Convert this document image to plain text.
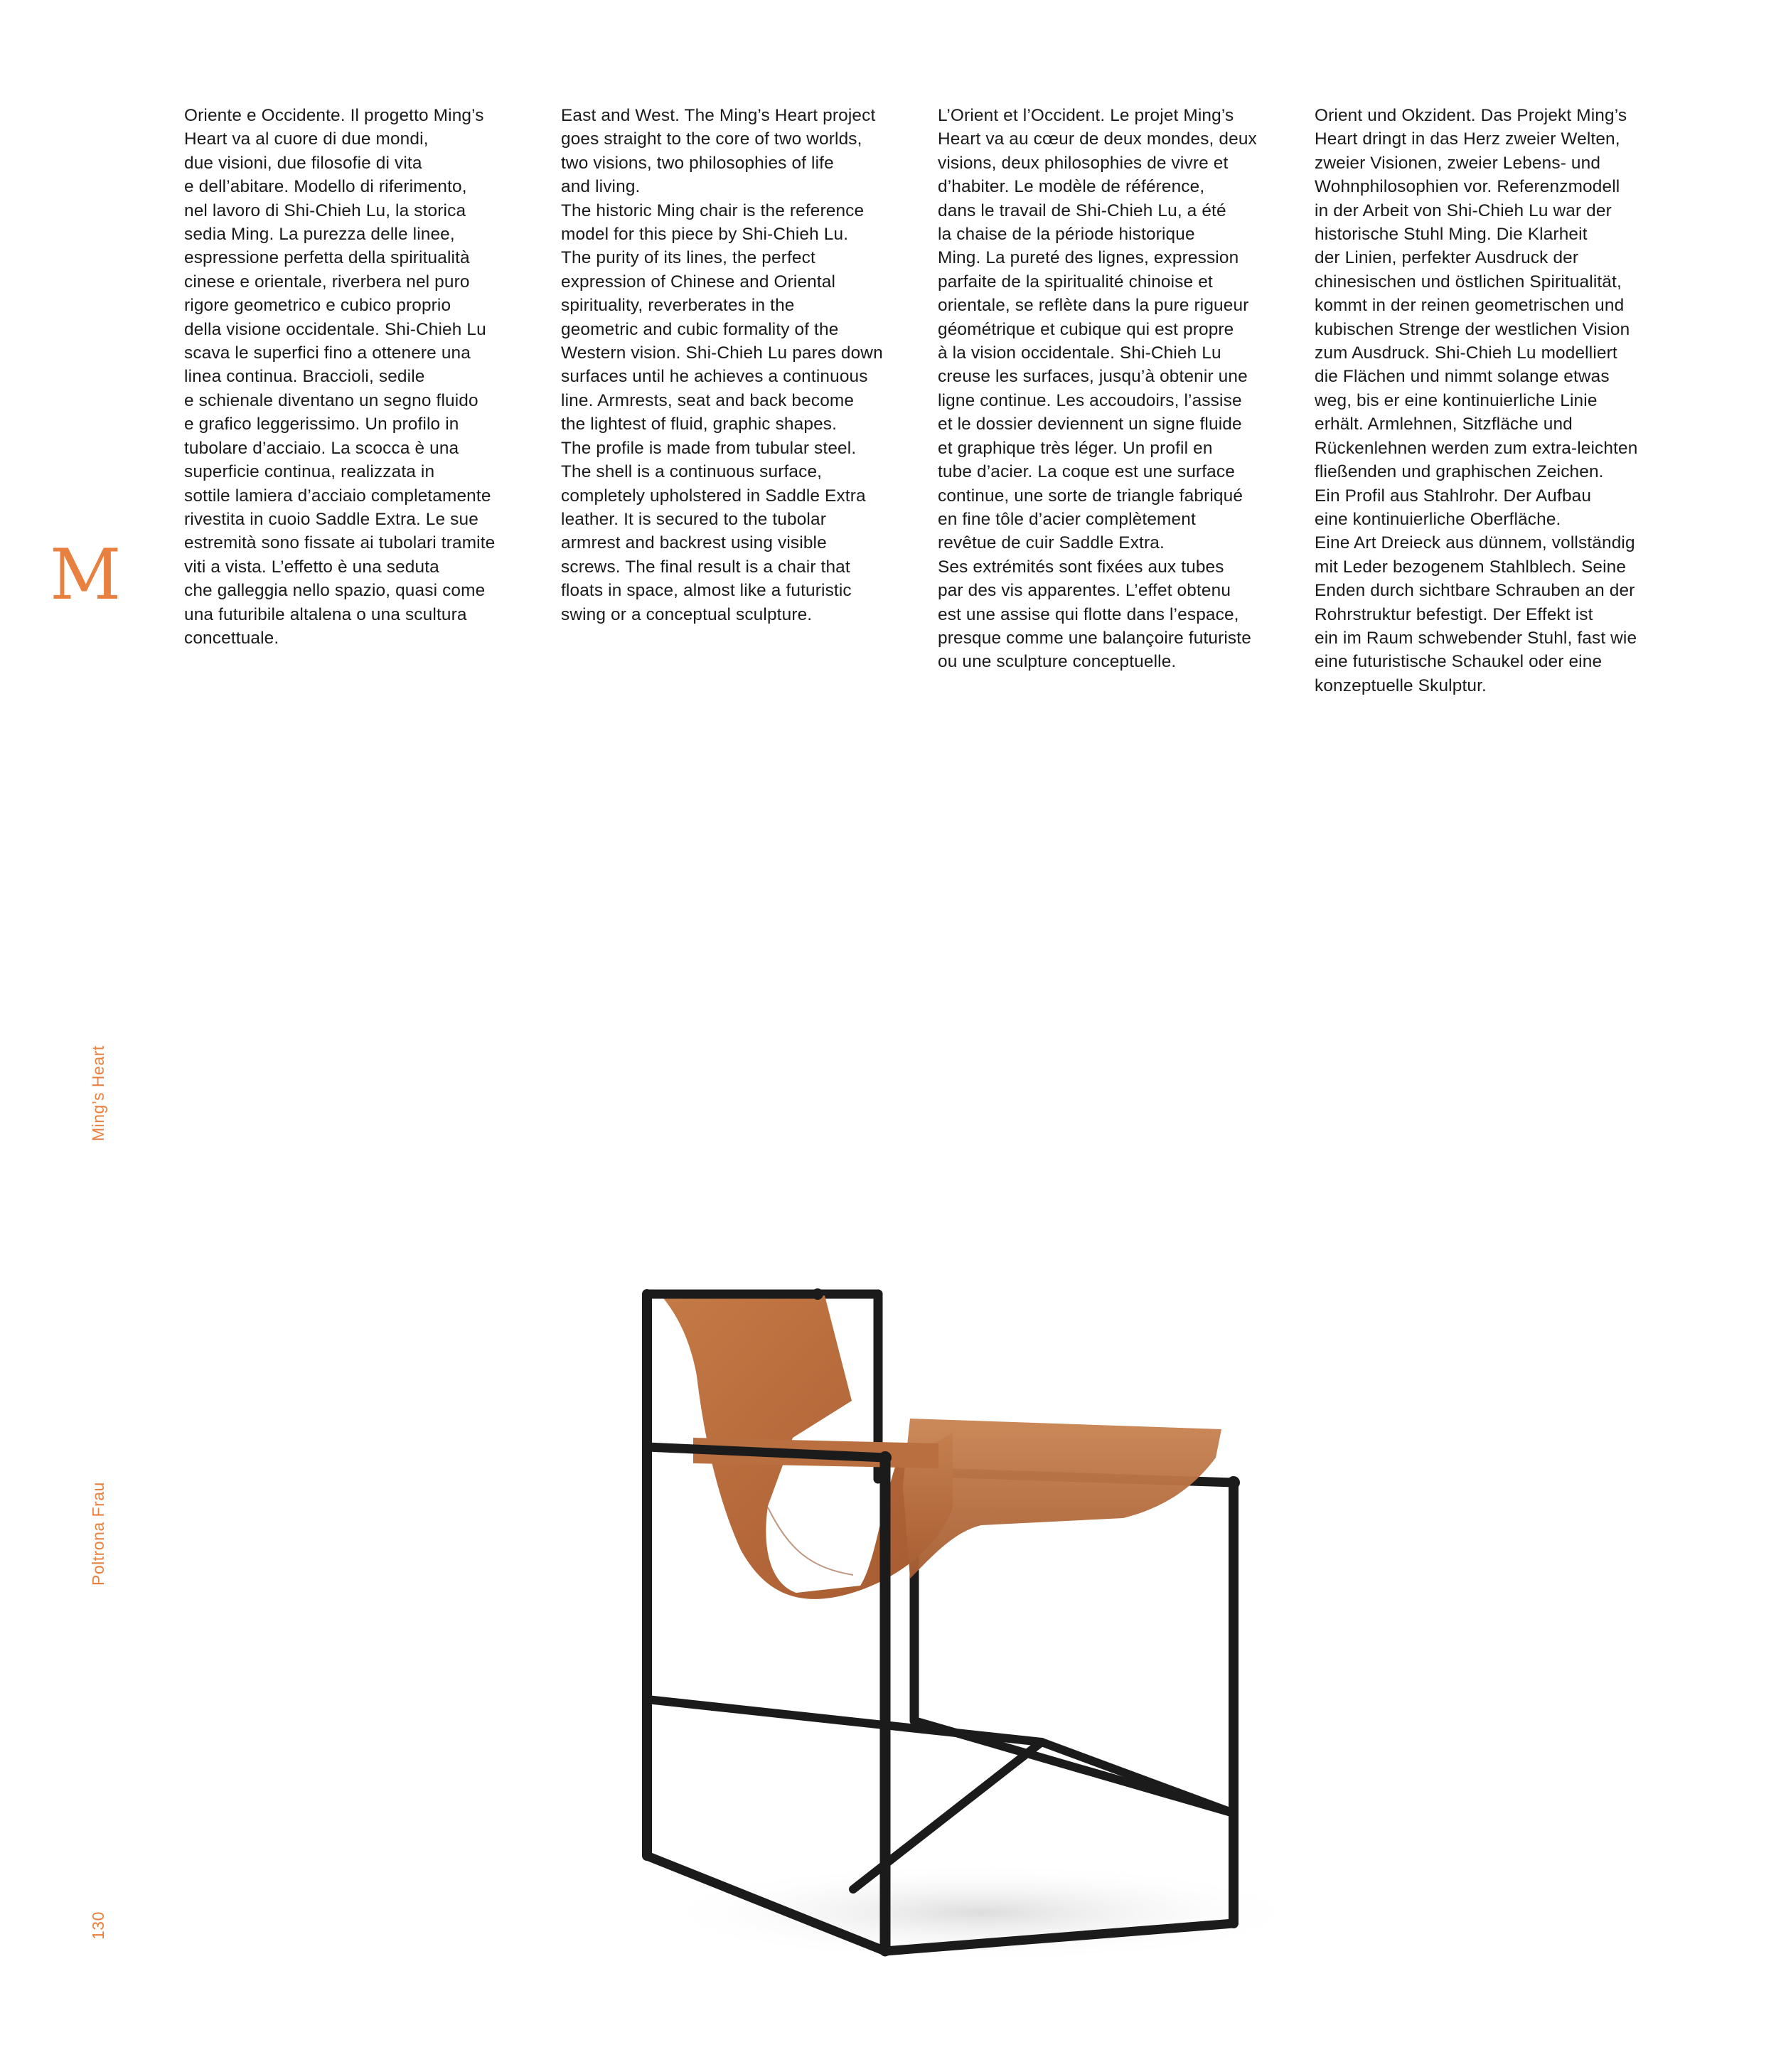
M
Ming’s Heart
Poltrona Frau
130
Oriente e Occidente. Il progetto Ming’s
Heart va al cuore di due mondi,
due visioni, due filosofie di vita
e dell’abitare. Modello di riferimento,
nel lavoro di Shi-Chieh Lu, la storica
sedia Ming. La purezza delle linee,
espressione perfetta della spiritualità
cinese e orientale, riverbera nel puro
rigore geometrico e cubico proprio
della visione occidentale. Shi-Chieh Lu
scava le superfici fino a ottenere una
linea continua. Braccioli, sedile
e schienale diventano un segno fluido
e grafico leggerissimo. Un profilo in
tubolare d’acciaio. La scocca è una
superficie continua, realizzata in
sottile lamiera d’acciaio completamente
rivestita in cuoio Saddle Extra. Le sue
estremità sono fissate ai tubolari tramite
viti a vista. L’effetto è una seduta
che galleggia nello spazio, quasi come
una futuribile altalena o una scultura
concettuale.
East and West. The Ming’s Heart project
goes straight to the core of two worlds,
two visions, two philosophies of life
and living.
The historic Ming chair is the reference
model for this piece by Shi-Chieh Lu.
The purity of its lines, the perfect
expression of Chinese and Oriental
spirituality, reverberates in the
geometric and cubic formality of the
Western vision. Shi-Chieh Lu pares down
surfaces until he achieves a continuous
line. Armrests, seat and back become
the lightest of fluid, graphic shapes.
The profile is made from tubular steel.
The shell is a continuous surface,
completely upholstered in Saddle Extra
leather. It is secured to the tubolar
armrest and backrest using visible
screws. The final result is a chair that
floats in space, almost like a futuristic
swing or a conceptual sculpture.
L’Orient et l’Occident. Le projet Ming’s
Heart va au cœur de deux mondes, deux
visions, deux philosophies de vivre et
d’habiter. Le modèle de référence,
dans le travail de Shi-Chieh Lu, a été
la chaise de la période historique
Ming. La pureté des lignes, expression
parfaite de la spiritualité chinoise et
orientale, se reflète dans la pure rigueur
géométrique et cubique qui est propre
à la vision occidentale. Shi-Chieh Lu
creuse les surfaces, jusqu’à obtenir une
ligne continue. Les accoudoirs, l’assise
et le dossier deviennent un signe fluide
et graphique très léger. Un profil en
tube d’acier. La coque est une surface
continue, une sorte de triangle fabriqué
en fine tôle d’acier complètement
revêtue de cuir Saddle Extra.
Ses extrémités sont fixées aux tubes
par des vis apparentes. L’effet obtenu
est une assise qui flotte dans l’espace,
presque comme une balançoire futuriste
ou une sculpture conceptuelle.
Orient und Okzident. Das Projekt Ming’s
Heart dringt in das Herz zweier Welten,
zweier Visionen, zweier Lebens- und
Wohnphilosophien vor. Referenzmodell
in der Arbeit von Shi-Chieh Lu war der
historische Stuhl Ming. Die Klarheit
der Linien, perfekter Ausdruck der
chinesischen und östlichen Spiritualität,
kommt in der reinen geometrischen und
kubischen Strenge der westlichen Vision
zum Ausdruck. Shi-Chieh Lu modelliert
die Flächen und nimmt solange etwas
weg, bis er eine kontinuierliche Linie
erhält. Armlehnen, Sitzfläche und
Rückenlehnen werden zum extra-leichten
fließenden und graphischen Zeichen.
Ein Profil aus Stahlrohr. Der Aufbau
eine kontinuierliche Oberfläche.
Eine Art Dreieck aus dünnem, vollständig
mit Leder bezogenem Stahlblech. Seine
Enden durch sichtbare Schrauben an der
Rohrstruktur befestigt. Der Effekt ist
ein im Raum schwebender Stuhl, fast wie
eine futuristische Schaukel oder eine
konzeptuelle Skulptur.
